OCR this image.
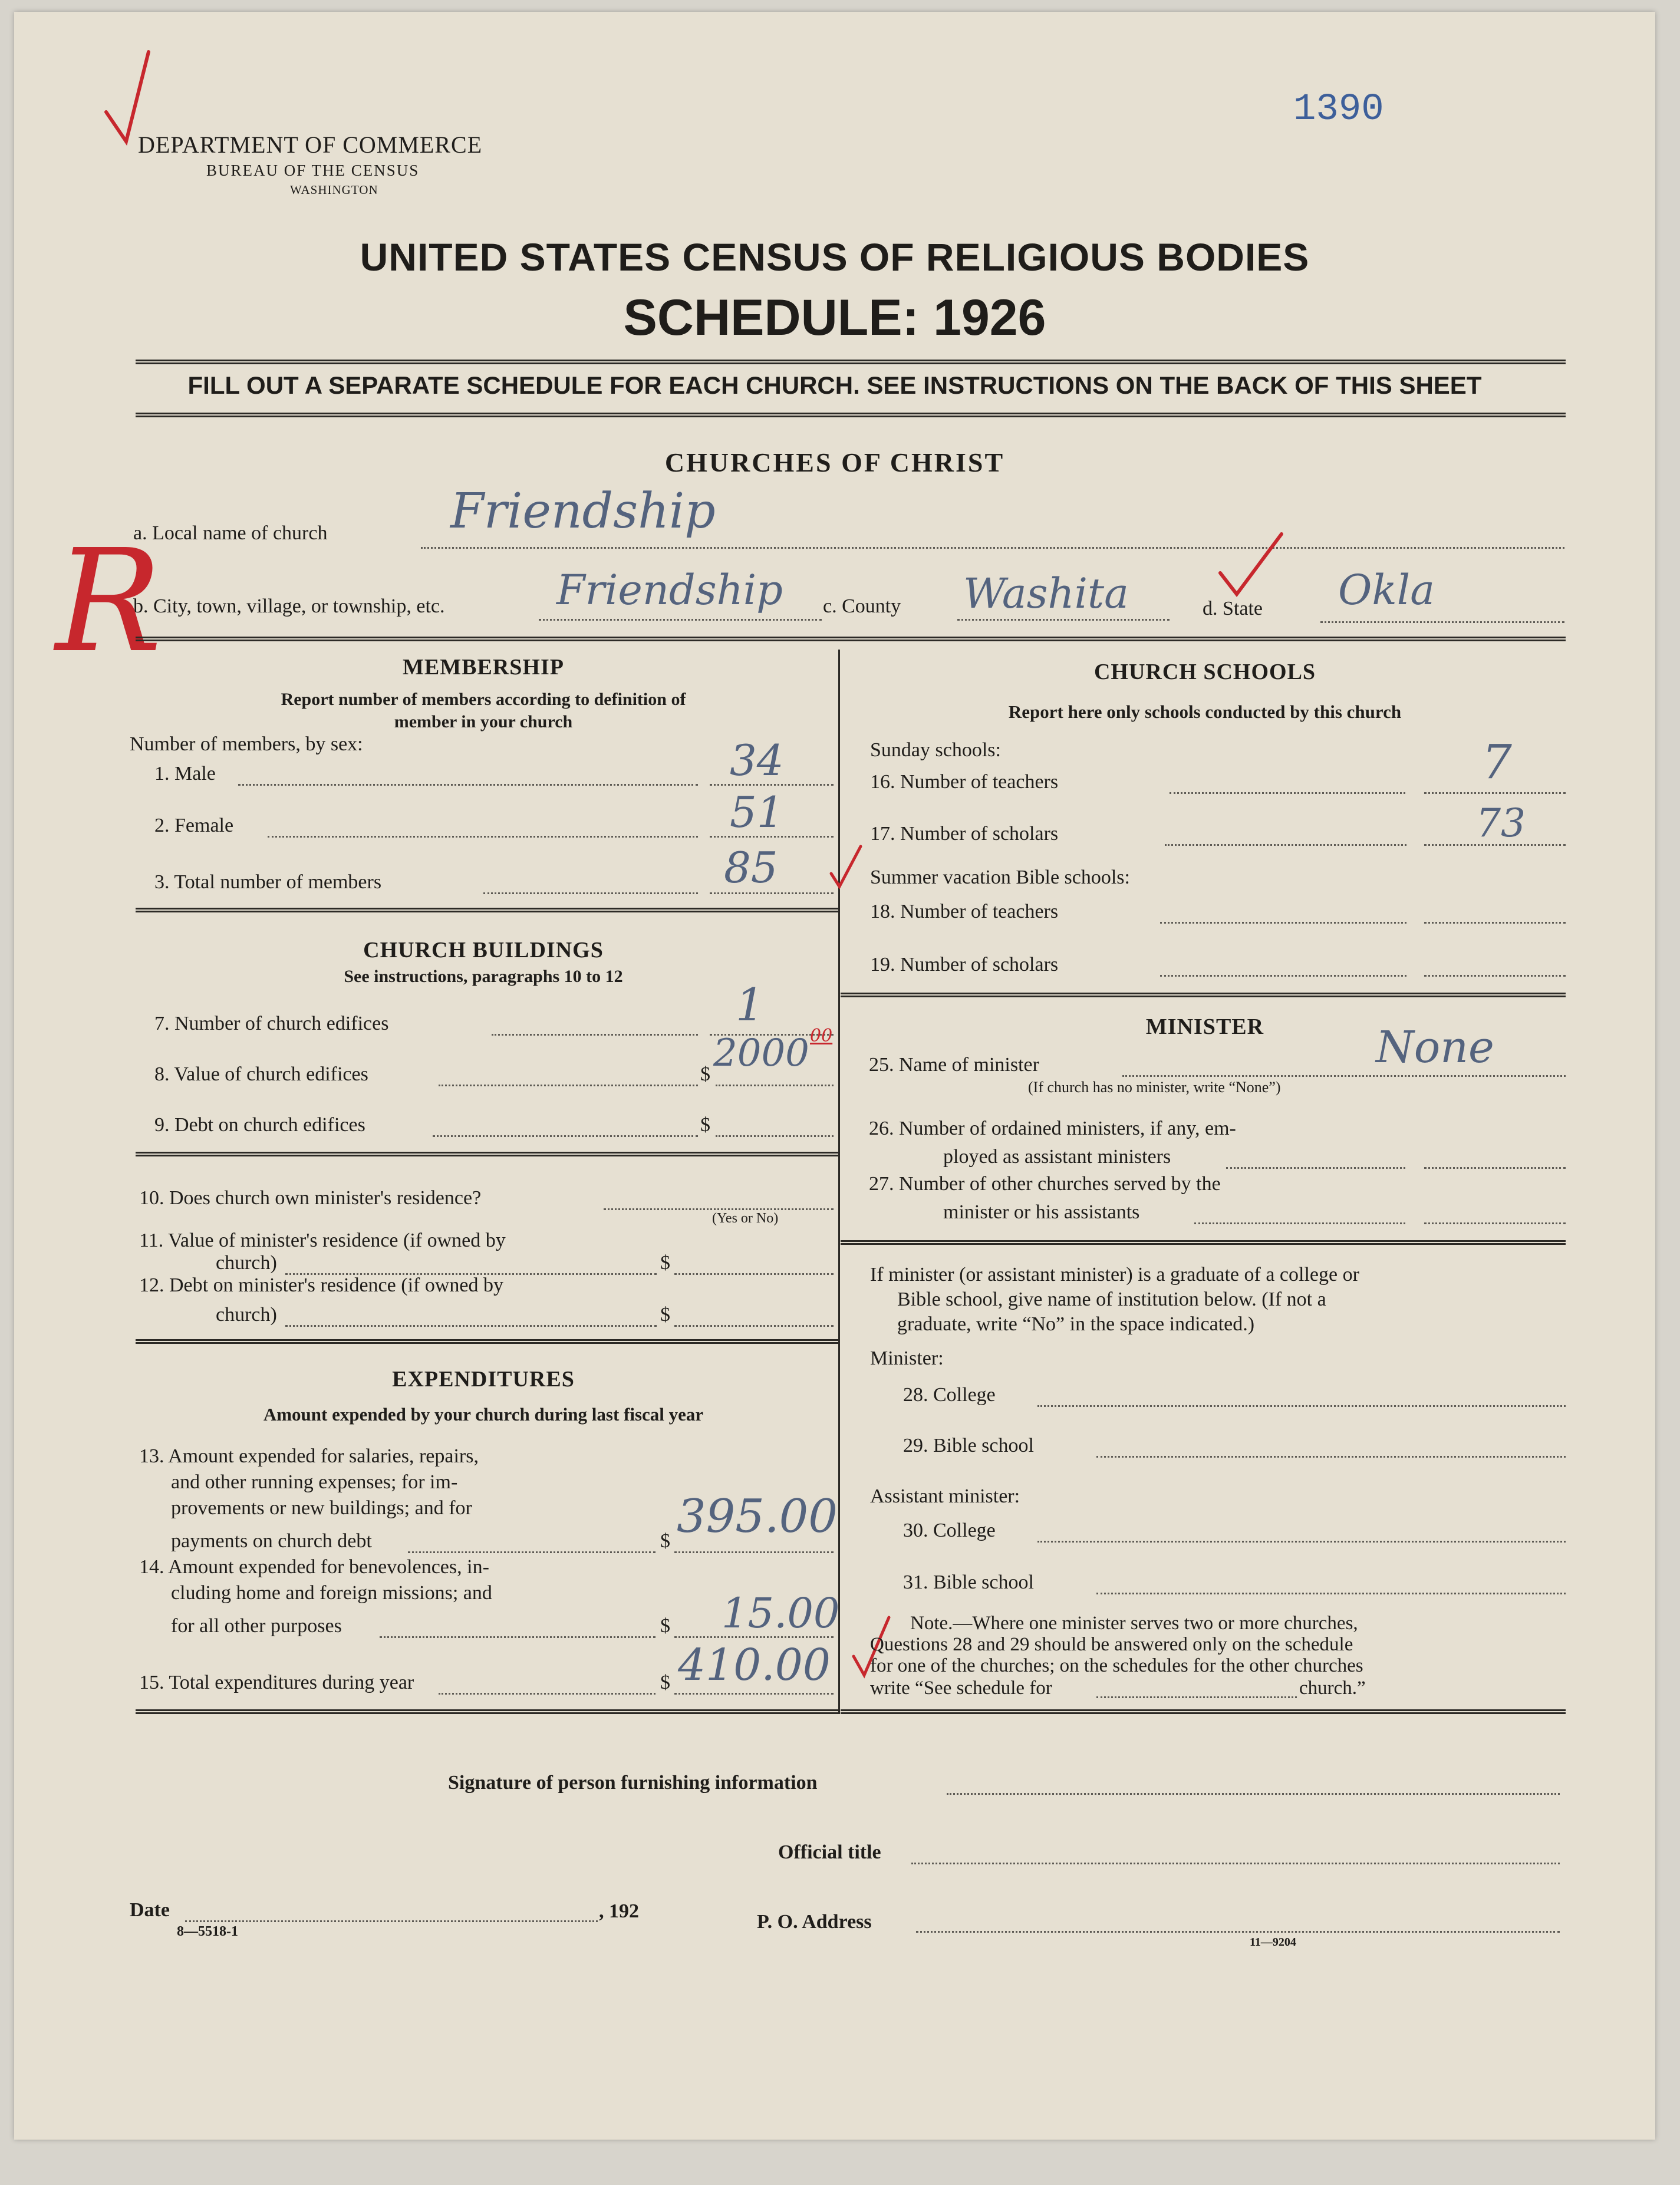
DEPARTMENT OF COMMERCE
BUREAU OF THE CENSUS
WASHINGTON
1390
UNITED STATES CENSUS OF RELIGIOUS BODIES
SCHEDULE: 1926
FILL OUT A SEPARATE SCHEDULE FOR EACH CHURCH. SEE INSTRUCTIONS ON THE BACK OF THIS SHEET
CHURCHES OF CHRIST
a. Local name of church	Friendship
b. City, town, village, or township, etc.	Friendship c. County Washita	d. State Okla
R	MEMBERSHIP
Report number of members according to definition of
member in your church
Number of members, by sex:
1. Male	34
2. Female	51
3. Total number of members	85
CHURCH BUILDINGS
See instructions, paragraphs 10 to 12
7. Number of church edifices	1
8. Value of church edifices	$ 2000 00
9. Debt on church edifices	$
10. Does church own minister's residence?
(Yes or No)
11. Value of minister's residence (if owned by
church)	$
12. Debt on minister's residence (if owned by
church)	$
EXPENDITURES
Amount expended by your church during last fiscal year
13. Amount expended for salaries, repairs,
and other running expenses; for im-
provements or new buildings; and for
payments on church debt	$ 395.00
14. Amount expended for benevolences, in-
cluding home and foreign missions; and
for all other purposes	$ 15.00
15. Total expenditures during year	$ 410.00
CHURCH SCHOOLS
Report here only schools conducted by this church
Sunday schools:
16. Number of teachers	7
17. Number of scholars	73
Summer vacation Bible schools:
18. Number of teachers
19. Number of scholars
MINISTER
25. Name of minister	None
(If church has no minister, write “None”)
26. Number of ordained ministers, if any, em-
ployed as assistant ministers
27. Number of other churches served by the
minister or his assistants
If minister (or assistant minister) is a graduate of a college or
Bible school, give name of institution below. (If not a
graduate, write “No” in the space indicated.)
Minister:
28. College
29. Bible school
Assistant minister:
30. College
31. Bible school
Note.—Where one minister serves two or more churches,
Questions 28 and 29 should be answered only on the schedule
for one of the churches; on the schedules for the other churches
write “See schedule for	church.”
Signature of person furnishing information
Official title
Date	, 192	P. O. Address
8—5518-1
11—9204
